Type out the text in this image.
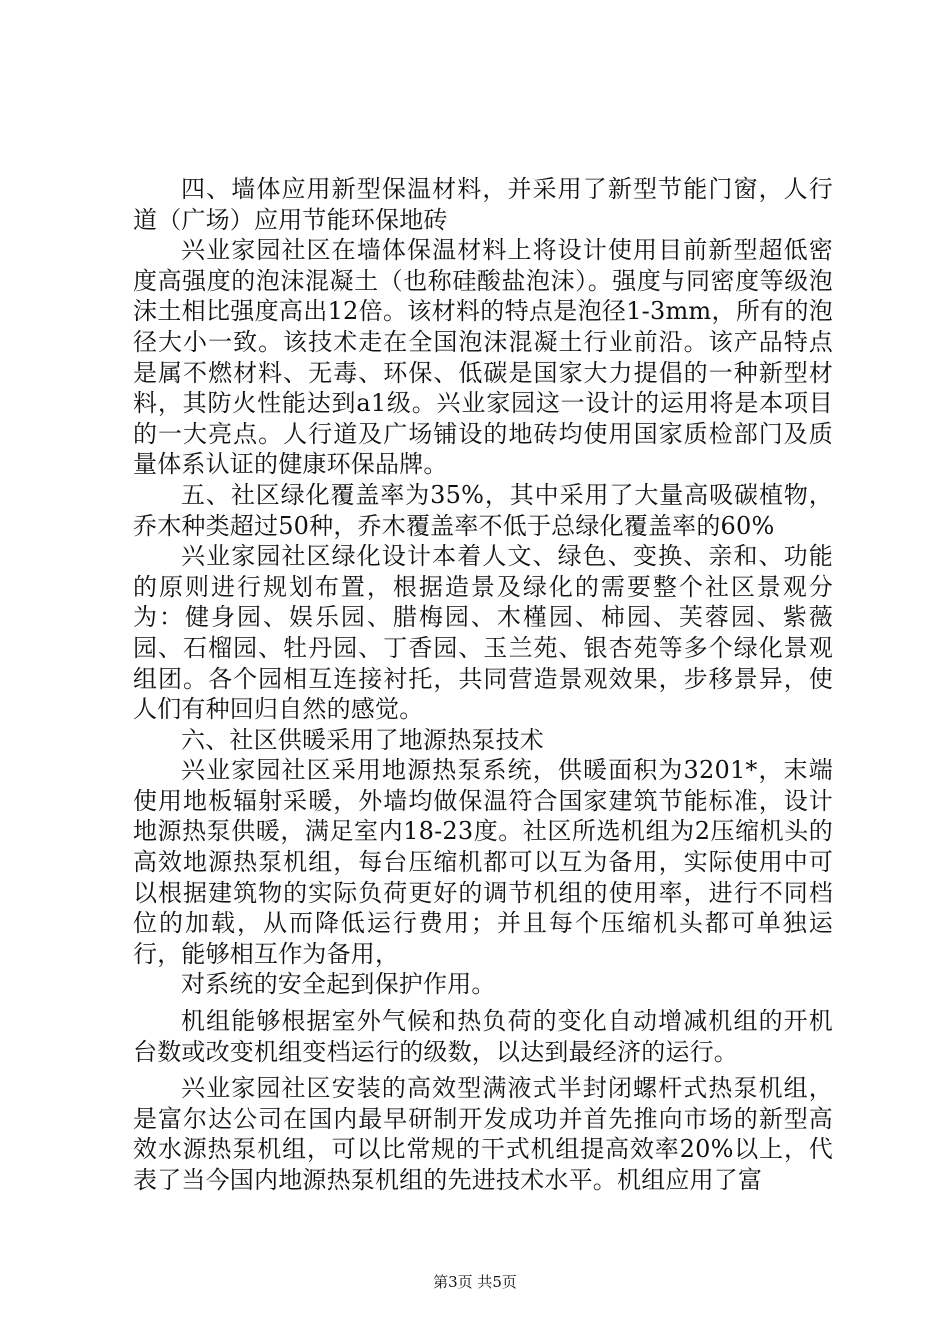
四、墙体应用新型保温材料，并采用了新型节能门窗，人行道（广场）应用节能环保地砖

兴业家园社区在墙体保温材料上将设计使用目前新型超低密度高强度的泡沫混凝土（也称硅酸盐泡沫）。强度与同密度等级泡沫土相比强度高出12倍。该材料的特点是泡径1-3mm，所有的泡径大小一致。该技术走在全国泡沫混凝土行业前沿。该产品特点是属不燃材料、无毒、环保、低碳是国家大力提倡的一种新型材料，其防火性能达到a1级。兴业家园这一设计的运用将是本项目的一大亮点。人行道及广场铺设的地砖均使用国家质检部门及质量体系认证的健康环保品牌。

五、社区绿化覆盖率为35%，其中采用了大量高吸碳植物，乔木种类超过50种，乔木覆盖率不低于总绿化覆盖率的60%

兴业家园社区绿化设计本着人文、绿色、变换、亲和、功能的原则进行规划布置，根据造景及绿化的需要整个社区景观分为：健身园、娱乐园、腊梅园、木槿园、柿园、芙蓉园、紫薇园、石榴园、牡丹园、丁香园、玉兰苑、银杏苑等多个绿化景观组团。各个园相互连接衬托，共同营造景观效果，步移景异，使人们有种回归自然的感觉。

六、社区供暖采用了地源热泵技术

兴业家园社区采用地源热泵系统，供暖面积为3201*，末端使用地板辐射采暖，外墙均做保温符合国家建筑节能标准，设计地源热泵供暖，满足室内18-23度。社区所选机组为2压缩机头的高效地源热泵机组，每台压缩机都可以互为备用，实际使用中可以根据建筑物的实际负荷更好的调节机组的使用率，进行不同档位的加载，从而降低运行费用；并且每个压缩机头都可单独运行，能够相互作为备用，

对系统的安全起到保护作用。

机组能够根据室外气候和热负荷的变化自动增减机组的开机台数或改变机组变档运行的级数，以达到最经济的运行。

兴业家园社区安装的高效型满液式半封闭螺杆式热泵机组，是富尔达公司在国内最早研制开发成功并首先推向市场的新型高效水源热泵机组，可以比常规的干式机组提高效率20%以上，代表了当今国内地源热泵机组的先进技术水平。机组应用了富

第3页 共5页
